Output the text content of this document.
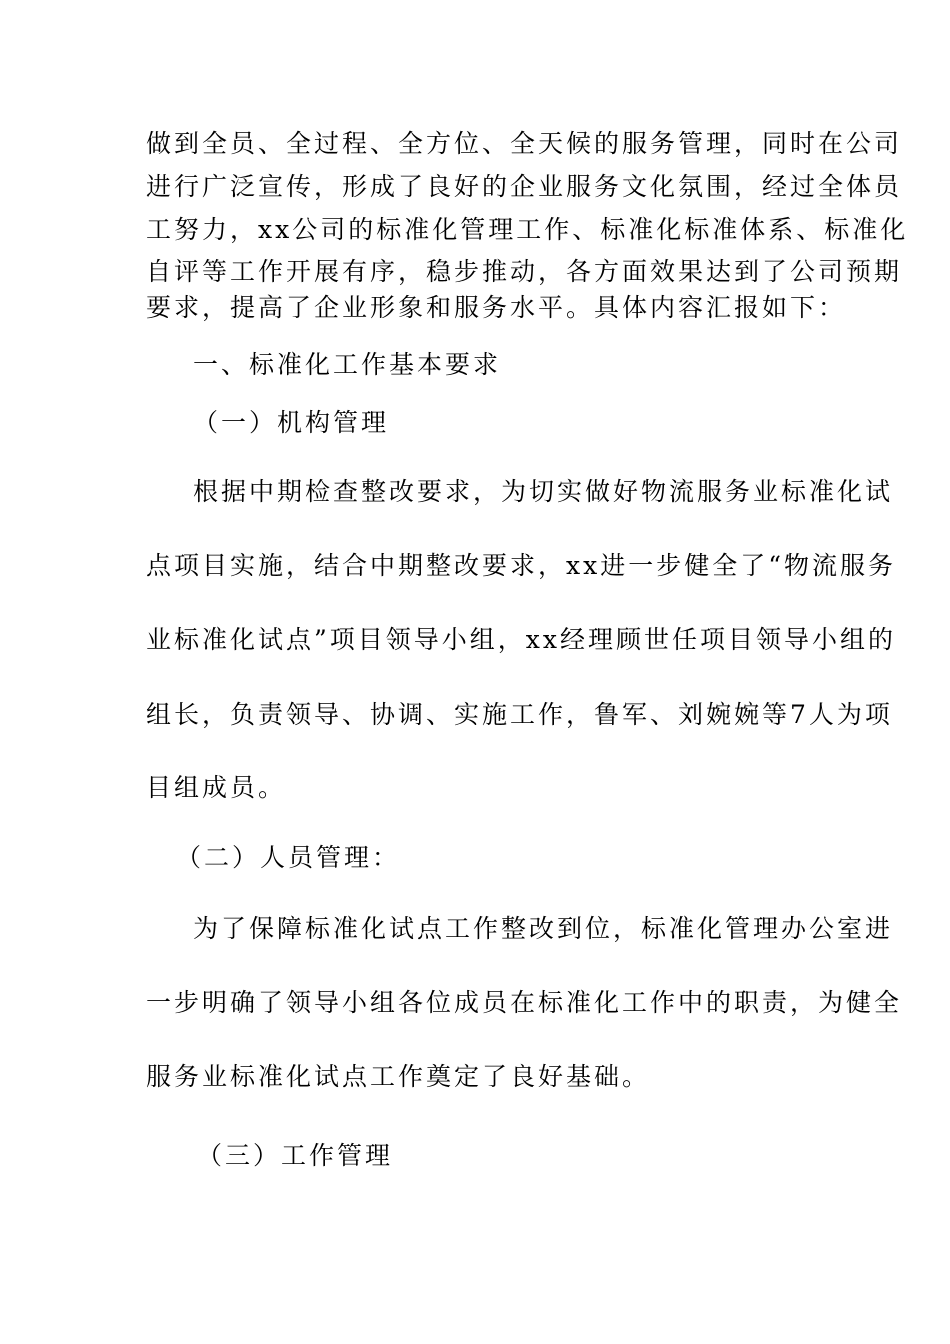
做到全员、全过程、全方位、全天候的服务管理，同时在公司
进行广泛宣传，形成了良好的企业服务文化氛围，经过全体员
工努力，xx公司的标准化管理工作、标准化标准体系、标准化
自评等工作开展有序，稳步推动，各方面效果达到了公司预期
要求，提高了企业形象和服务水平。具体内容汇报如下：
一、标准化工作基本要求
（一）机构管理
根据中期检查整改要求，为切实做好物流服务业标准化试
点项目实施，结合中期整改要求，xx进一步健全了“物流服务
业标准化试点”项目领导小组，xx经理顾世任项目领导小组的
组长，负责领导、协调、实施工作，鲁军、刘婉婉等7人为项
目组成员。
（二）人员管理：
为了保障标准化试点工作整改到位，标准化管理办公室进
一步明确了领导小组各位成员在标准化工作中的职责，为健全
服务业标准化试点工作奠定了良好基础。
（三）工作管理
